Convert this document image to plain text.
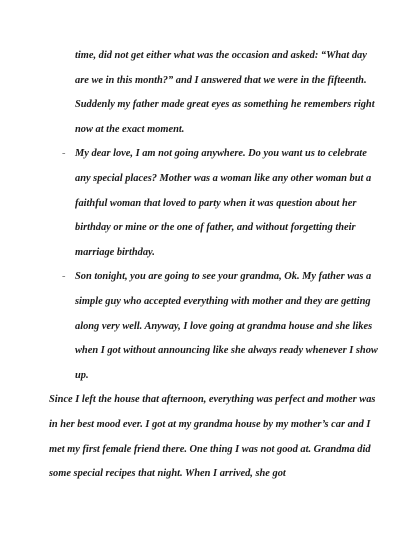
time, did not get either what was the occasion and asked: “What day are we in this month?” and I answered that we were in the fifteenth. Suddenly my father made great eyes as something he remembers right now at the exact moment.

- My dear love, I am not going anywhere. Do you want us to celebrate any special places? Mother was a woman like any other woman but a faithful woman that loved to party when it was question about her birthday or mine or the one of father, and without forgetting their marriage birthday.

- Son tonight, you are going to see your grandma, Ok. My father was a simple guy who accepted everything with mother and they are getting along very well. Anyway, I love going at grandma house and she likes when I got without announcing like she always ready whenever I show up.

Since I left the house that afternoon, everything was perfect and mother was in her best mood ever. I got at my grandma house by my mother’s car and I met my first female friend there. One thing I was not good at. Grandma did some special recipes that night. When I arrived, she got
